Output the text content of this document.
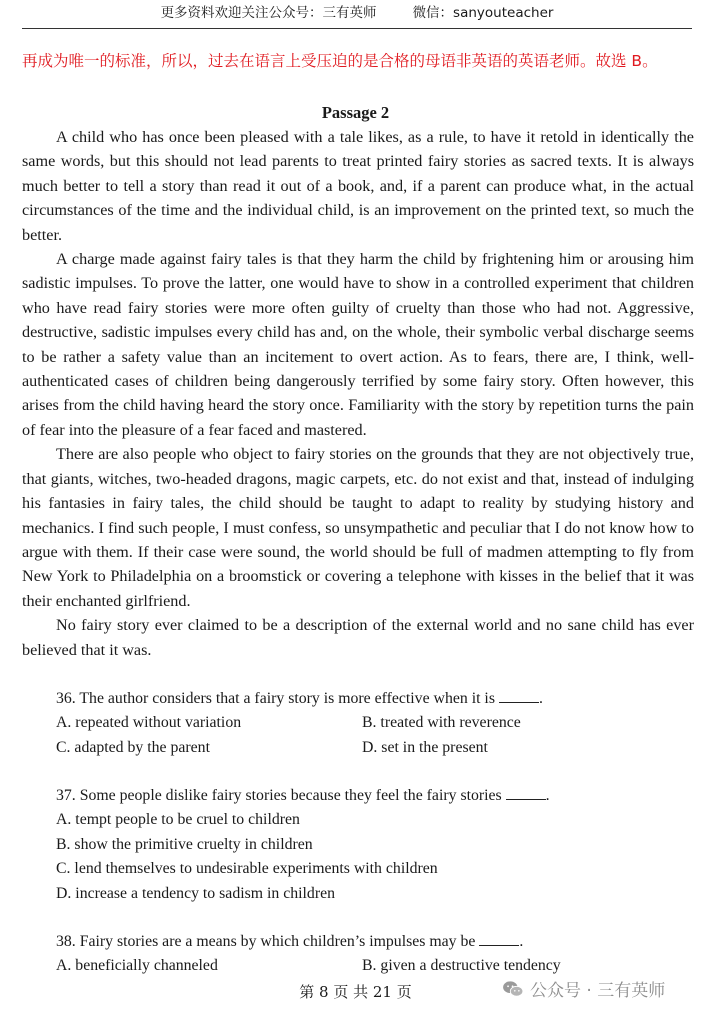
更多资料欢迎关注公众号：三有英师	微信：sanyouteacher
再成为唯一的标准，所以，过去在语言上受压迫的是合格的母语非英语的英语老师。故选 B。
Passage 2

A child who has once been pleased with a tale likes, as a rule, to have it retold in identically the same words, but this should not lead parents to treat printed fairy stories as sacred texts. It is always much better to tell a story than read it out of a book, and, if a parent can produce what, in the actual circumstances of the time and the individual child, is an improvement on the printed text, so much the better.

A charge made against fairy tales is that they harm the child by frightening him or arousing him sadistic impulses. To prove the latter, one would have to show in a controlled experiment that children who have read fairy stories were more often guilty of cruelty than those who had not. Aggressive, destructive, sadistic impulses every child has and, on the whole, their symbolic verbal discharge seems to be rather a safety value than an incitement to overt action. As to fears, there are, I think, well-authenticated cases of children being dangerously terrified by some fairy story. Often however, this arises from the child having heard the story once. Familiarity with the story by repetition turns the pain of fear into the pleasure of a fear faced and mastered.

There are also people who object to fairy stories on the grounds that they are not objectively true, that giants, witches, two-headed dragons, magic carpets, etc. do not exist and that, instead of indulging his fantasies in fairy tales, the child should be taught to adapt to reality by studying history and mechanics. I find such people, I must confess, so unsympathetic and peculiar that I do not know how to argue with them. If their case were sound, the world should be full of madmen attempting to fly from New York to Philadelphia on a broomstick or covering a telephone with kisses in the belief that it was their enchanted girlfriend.

No fairy story ever claimed to be a description of the external world and no sane child has ever believed that it was.

36. The author considers that a fairy story is more effective when it is	.
A. repeated without variation	B. treated with reverence
C. adapted by the parent	D. set in the present
37. Some people dislike fairy stories because they feel the fairy stories	.
A. tempt people to be cruel to children
B. show the primitive cruelty in children
C. lend themselves to undesirable experiments with children
D. increase a tendency to sadism in children
38. Fairy stories are a means by which children’s impulses may be	.
A. beneficially channeled	B. given a destructive tendency
第 8 页 共 21 页	公众号 · 三有英师
